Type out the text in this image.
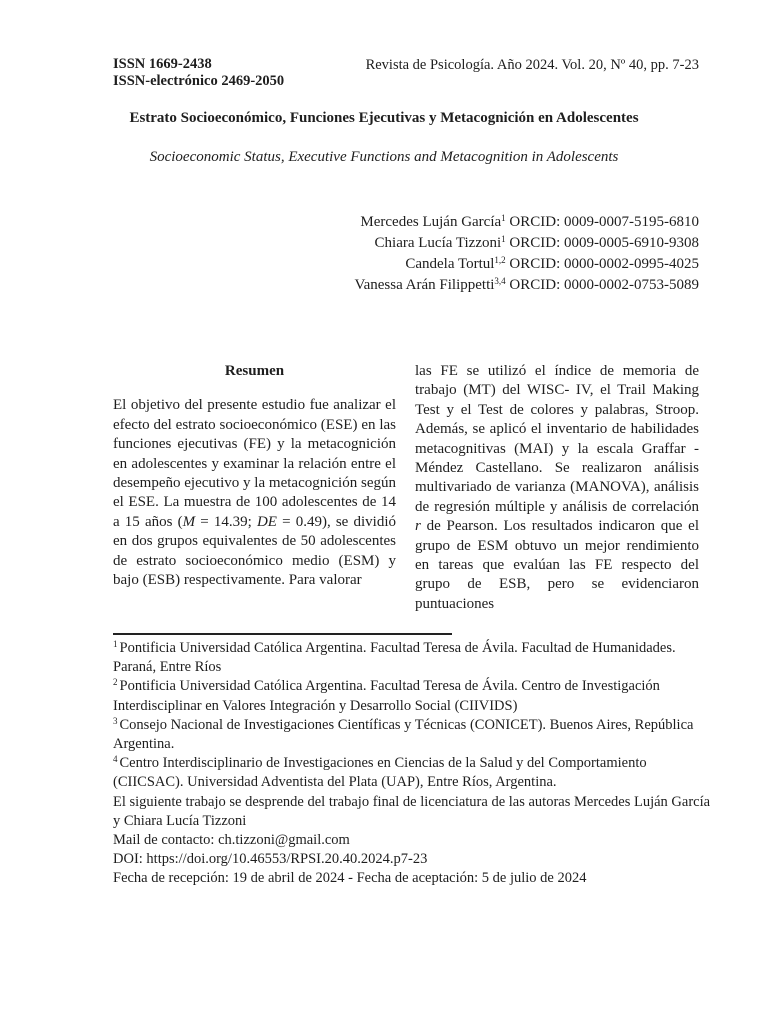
ISSN 1669-2438
ISSN-electrónico 2469-2050
Revista de Psicología. Año 2024. Vol. 20, Nº 40, pp. 7-23
Estrato Socioeconómico, Funciones Ejecutivas y Metacognición en Adolescentes
Socioeconomic Status, Executive Functions and Metacognition in Adolescents
Mercedes Luján García$^1$ ORCID: 0009-0007-5195-6810
Chiara Lucía Tizzoni$^1$ ORCID: 0009-0005-6910-9308
Candela Tortul$^{1,2}$ ORCID: 0000-0002-0995-4025
Vanessa Arán Filippetti$^{3,4}$ ORCID: 0000-0002-0753-5089
Resumen

El objetivo del presente estudio fue analizar el efecto del estrato socioeconómico (ESE) en las funciones ejecutivas (FE) y la metacognición en adolescentes y examinar la relación entre el desempeño ejecutivo y la metacognición según el ESE. La muestra de 100 adolescentes de 14 a 15 años (M = 14.39; DE = 0.49), se dividió en dos grupos equivalentes de 50 adolescentes de estrato socioeconómico medio (ESM) y bajo (ESB) respectivamente. Para valorar

las FE se utilizó el índice de memoria de trabajo (MT) del WISC- IV, el Trail Making Test y el Test de colores y palabras, Stroop. Además, se aplicó el inventario de habilidades metacognitivas (MAI) y la escala Graffar - Méndez Castellano. Se realizaron análisis multivariado de varianza (MANOVA), análisis de regresión múltiple y análisis de correlación r de Pearson. Los resultados indicaron que el grupo de ESM obtuvo un mejor rendimiento en tareas que evalúan las FE respecto del grupo de ESB, pero se evidenciaron puntuaciones

$^1$ Pontificia Universidad Católica Argentina. Facultad Teresa de Ávila. Facultad de Humanidades. Paraná, Entre Ríos
$^2$ Pontificia Universidad Católica Argentina. Facultad Teresa de Ávila. Centro de Investigación Interdisciplinar en Valores Integración y Desarrollo Social (CIIVIDS)
$^3$ Consejo Nacional de Investigaciones Científicas y Técnicas (CONICET). Buenos Aires, República Argentina.
$^4$ Centro Interdisciplinario de Investigaciones en Ciencias de la Salud y del Comportamiento (CIICSAC). Universidad Adventista del Plata (UAP), Entre Ríos, Argentina.
El siguiente trabajo se desprende del trabajo final de licenciatura de las autoras Mercedes Luján García y Chiara Lucía Tizzoni
Mail de contacto: ch.tizzoni@gmail.com
DOI: https://doi.org/10.46553/RPSI.20.40.2024.p7-23
Fecha de recepción: 19 de abril de 2024 - Fecha de aceptación: 5 de julio de 2024
